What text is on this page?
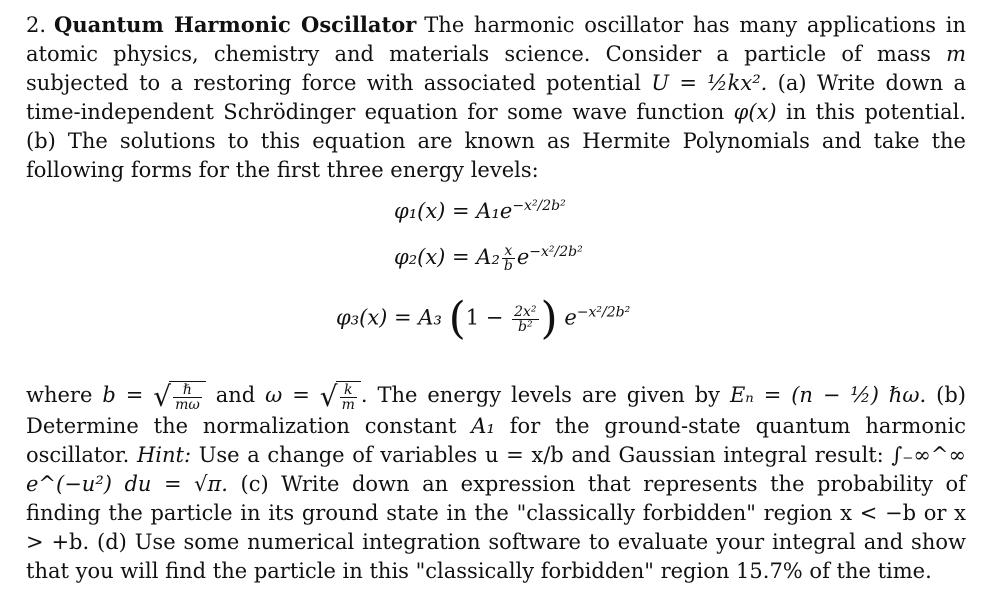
2. Quantum Harmonic Oscillator The harmonic oscillator has many applications in atomic physics, chemistry and materials science. Consider a particle of mass m subjected to a restoring force with associated potential U = ½kx². (a) Write down a time-independent Schrödinger equation for some wave function φ(x) in this potential. (b) The solutions to this equation are known as Hermite Polynomials and take the following forms for the first three energy levels:

$\varphi_1(x) = A_1e^{-x^2/2b^2}$
$\varphi_2(x) = A_2 \frac{x}{b} e^{-x^2/2b^2}$
φ₃(x) = A₃ ($1 - \frac{\text{2x²}}{\text{b²}}$ ) $e^{-x^2/2b^2}$

where b = √ $\frac{\text{ℏ}}{m\omega}$ and ω = √ $\frac{k}{m}$ . The energy levels are given by Eₙ = (n − ½) ℏω. (b) Determine the normalization constant A₁ for the ground-state quantum harmonic oscillator. Hint: Use a change of variables u = x/b and Gaussian integral result: ∫₋∞^∞ e^(−u²) du = √π. (c) Write down an expression that represents the probability of finding the particle in its ground state in the "classically forbidden" region x < −b or x > +b. (d) Use some numerical integration software to evaluate your integral and show that you will find the particle in this "classically forbidden" region 15.7% of the time.
